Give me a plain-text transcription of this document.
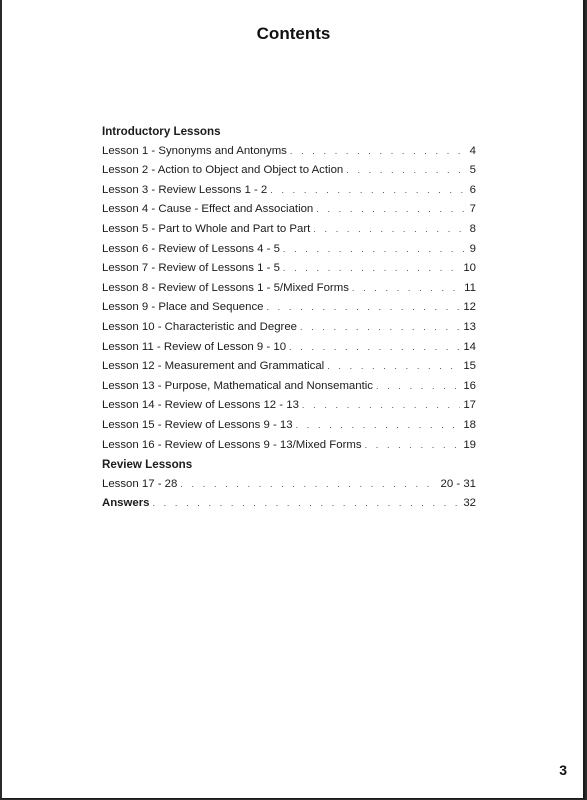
Contents
Introductory Lessons
Lesson 1 - Synonyms and Antonyms . . .	4
Lesson 2 - Action to Object and Object to Action . . .	5
Lesson 3 - Review Lessons 1 - 2 . . .	6
Lesson 4 - Cause - Effect and Association . . .	7
Lesson 5 - Part to Whole and Part to Part . . .	8
Lesson 6 - Review of Lessons 4 - 5 . . .	9
Lesson 7 - Review of Lessons 1 - 5 . . .	10
Lesson 8 - Review of Lessons 1 - 5/Mixed Forms . . .	11
Lesson 9 - Place and Sequence . . .	12
Lesson 10 - Characteristic and Degree . . .	13
Lesson 11 - Review of Lesson 9 - 10 . . .	14
Lesson 12 - Measurement and Grammatical . . .	15
Lesson 13 - Purpose, Mathematical and Nonsemantic . . .	16
Lesson 14 - Review of Lessons 12 - 13 . . .	17
Lesson 15 - Review of Lessons 9 - 13 . . .	18
Lesson 16 - Review of Lessons 9 - 13/Mixed Forms . . .	19
Review Lessons
Lesson 17 - 28 . . .	20 - 31
Answers . . .	32
3
